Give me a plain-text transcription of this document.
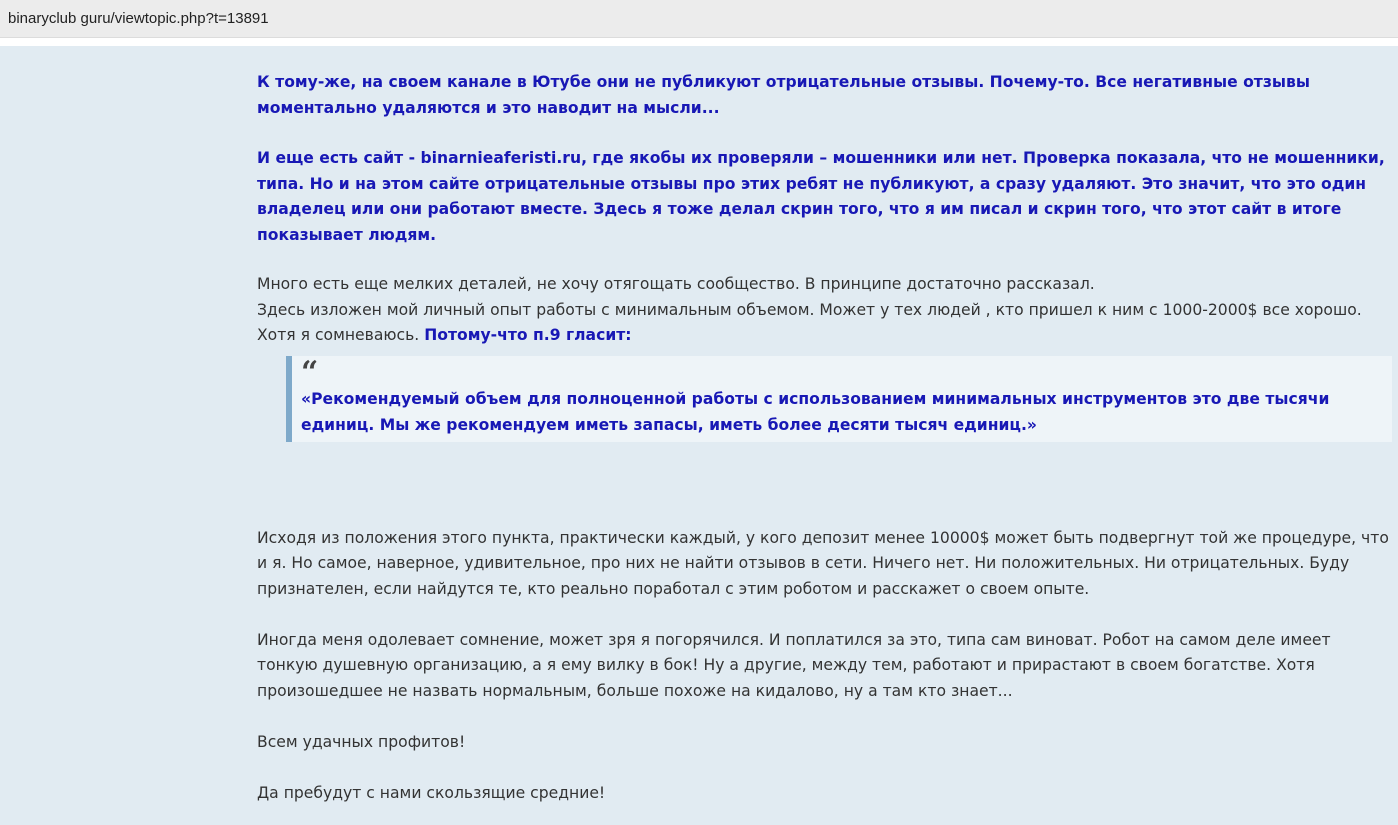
binaryclub guru/viewtopic.php?t=13891

К тому-же, на своем канале в Ютубе они не публикуют отрицательные отзывы. Почему-то. Все негативные отзывы моментально удаляются и это наводит на мысли...

И еще есть сайт - binarnieaferisti.ru, где якобы их проверяли – мошенники или нет. Проверка показала, что не мошенники, типа. Но и на этом сайте отрицательные отзывы про этих ребят не публикуют, а сразу удаляют. Это значит, что это один владелец или они работают вместе. Здесь я тоже делал скрин того, что я им писал и скрин того, что этот сайт в итоге показывает людям.

Много есть еще мелких деталей, не хочу отягощать сообщество. В принципе достаточно рассказал.

Здесь изложен мой личный опыт работы с минимальным объемом. Может у тех людей , кто пришел к ним с 1000-2000$ все хорошо. Хотя я сомневаюсь. Потому-что п.9 гласит:

“
«Рекомендуемый объем для полноценной работы с использованием минимальных инструментов это две тысячи единиц. Мы же рекомендуем иметь запасы, иметь более десяти тысяч единиц.»

Исходя из положения этого пункта, практически каждый, у кого депозит менее 10000$ может быть подвергнут той же процедуре, что и я. Но самое, наверное, удивительное, про них не найти отзывов в сети. Ничего нет. Ни положительных. Ни отрицательных. Буду признателен, если найдутся те, кто реально поработал с этим роботом и расскажет о своем опыте.

Иногда меня одолевает сомнение, может зря я погорячился. И поплатился за это, типа сам виноват. Робот на самом деле имеет тонкую душевную организацию, а я ему вилку в бок! Ну а другие, между тем, работают и прирастают в своем богатстве. Хотя произошедшее не назвать нормальным, больше похоже на кидалово, ну а там кто знает...

Всем удачных профитов!

Да пребудут с нами скользящие средние!
